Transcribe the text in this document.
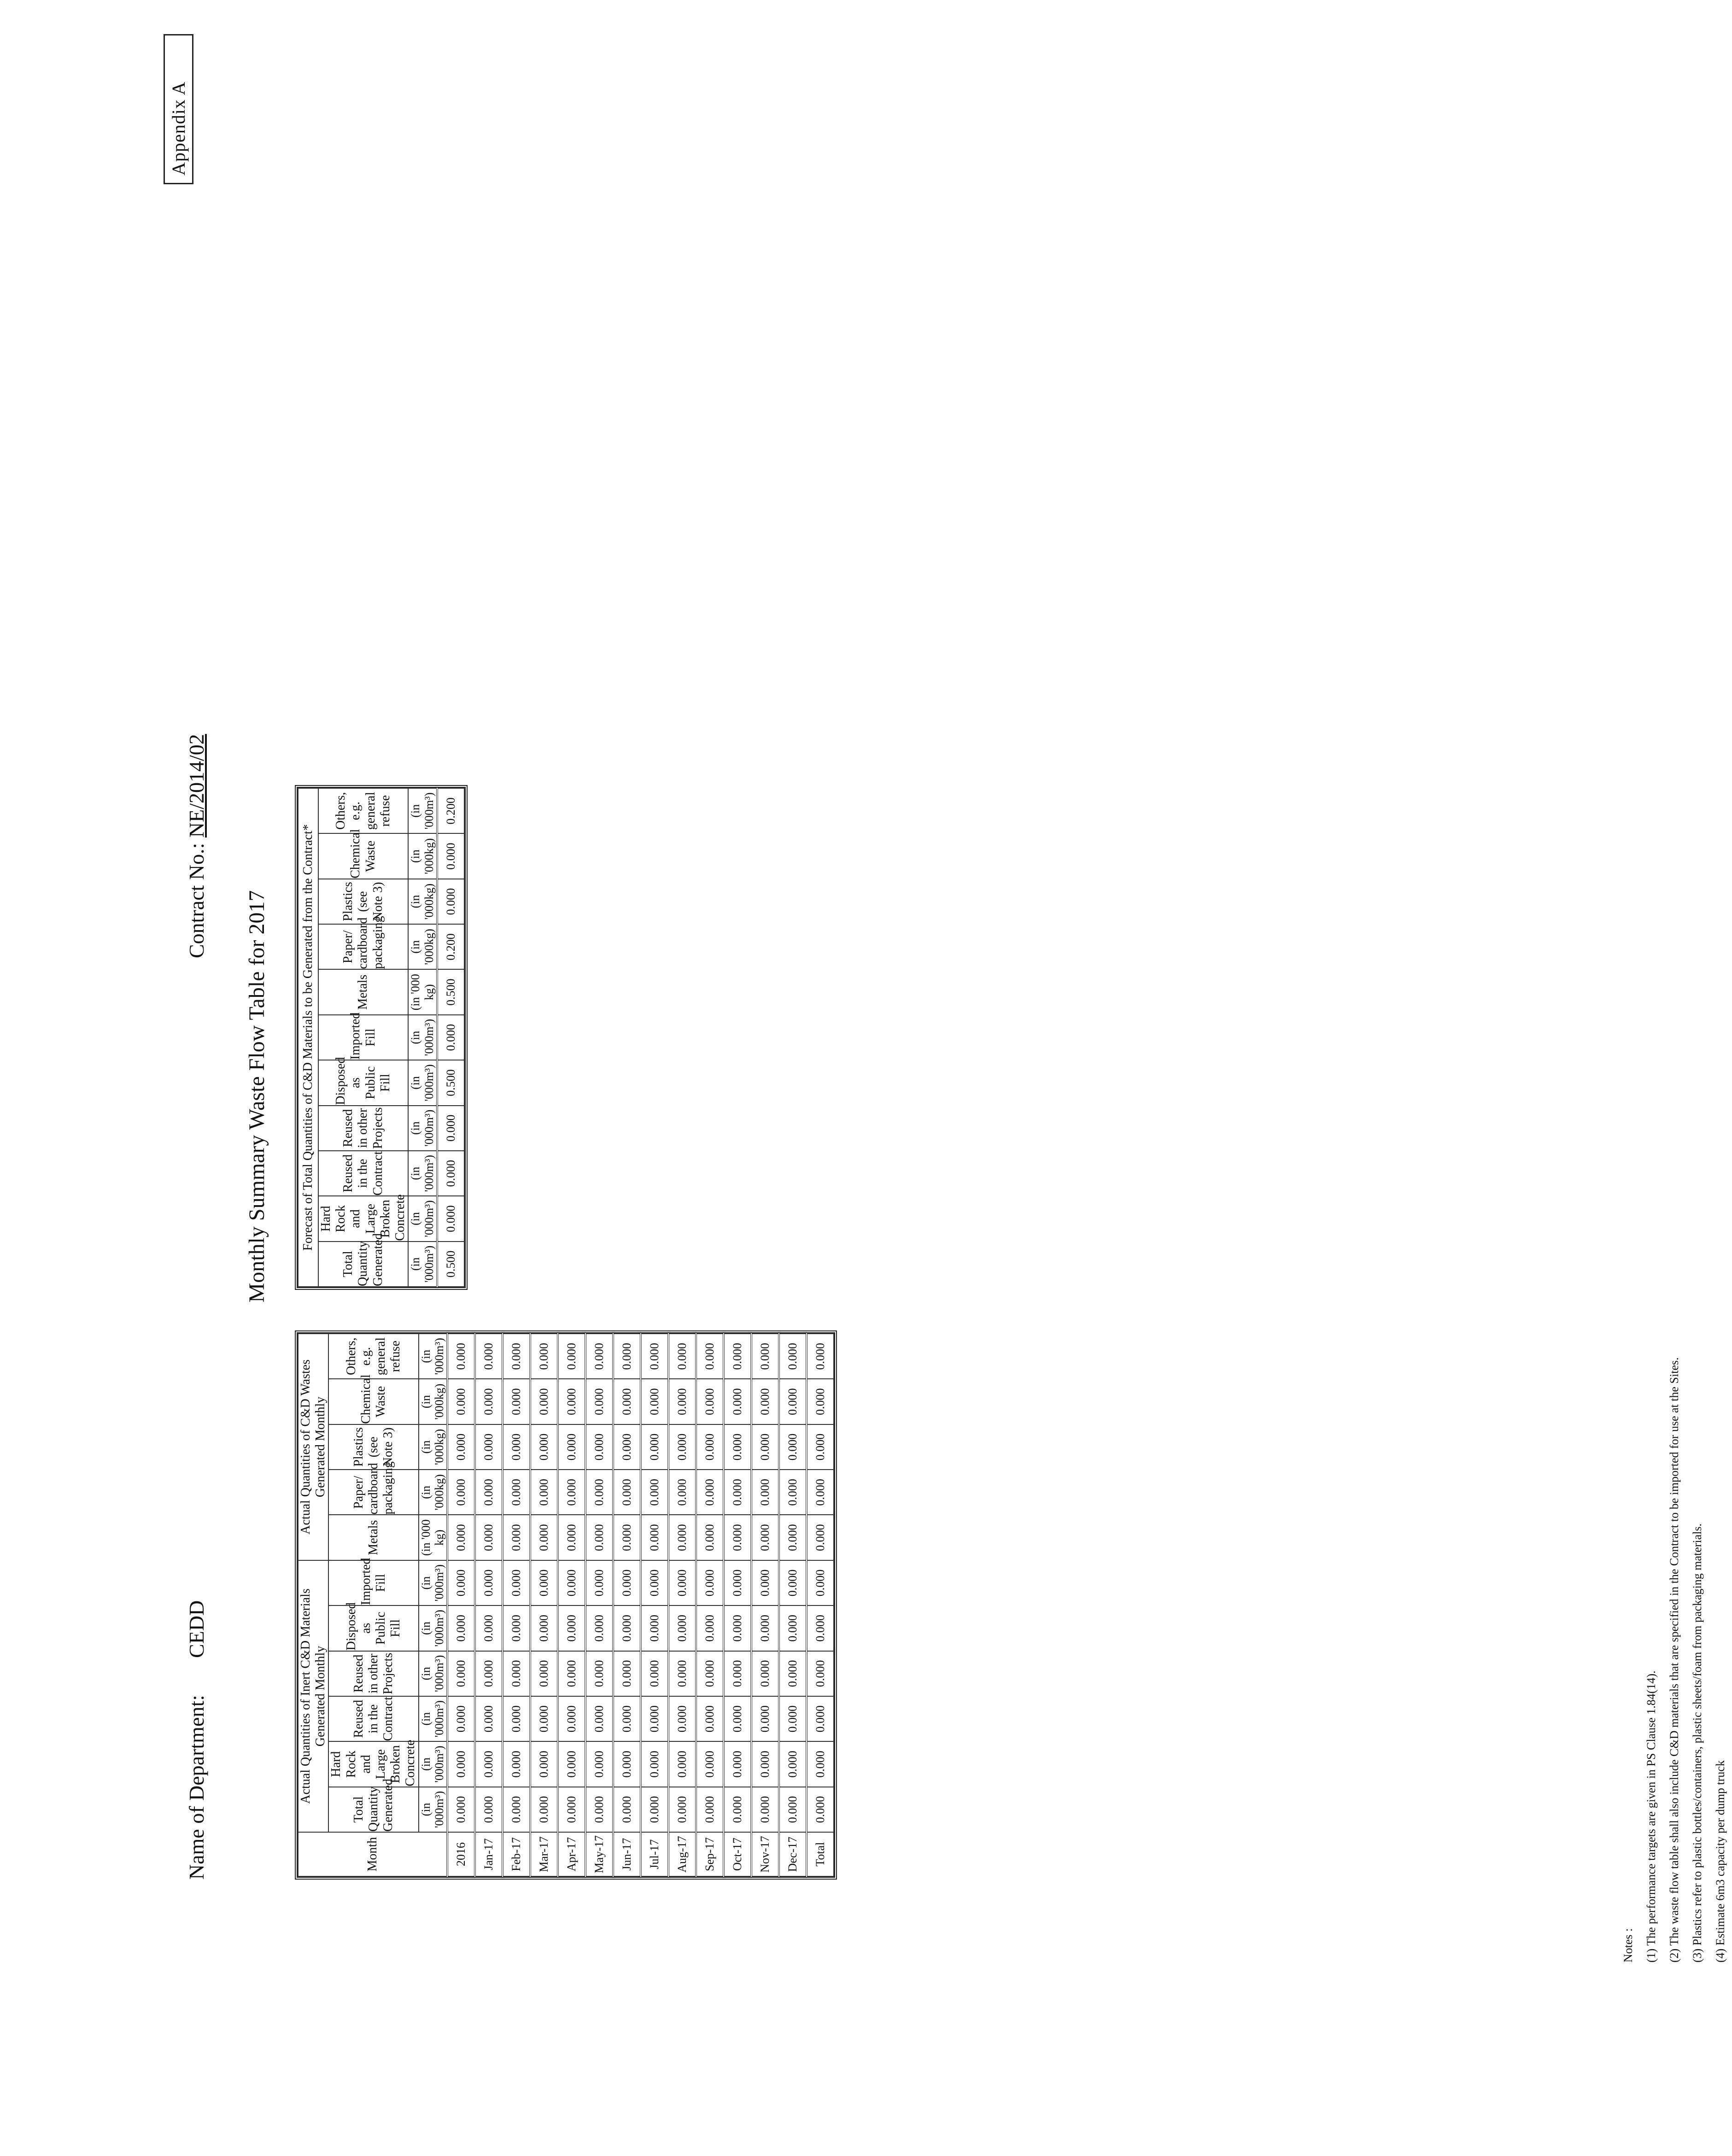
Name of Department:CEDD
Contract No.: NE/2014/02
Appendix A
Monthly Summary Waste Flow Table for 2017
Month	Actual Quantities of Inert C&D Materials Generated Monthly						Actual Quantities of C&D Wastes Generated Monthly				
	Total Quantity Generated	Hard Rock and Large Broken Concrete	Reused in the Contract	Reused in other Projects	Disposed as Public Fill	Imported Fill	Metals	Paper/ cardboard packaging	Plastics (see Note 3)	Chemical Waste	Others, e.g. general refuse
	(in '000m³)	(in '000m³)	(in '000m³)	(in '000m³)	(in '000m³)	(in '000m³)	(in '000 kg)	(in '000kg)	(in '000kg)	(in '000kg)	(in '000m³)
2016	0.000	0.000	0.000	0.000	0.000	0.000	0.000	0.000	0.000	0.000	0.000
Jan-17	0.000	0.000	0.000	0.000	0.000	0.000	0.000	0.000	0.000	0.000	0.000
Feb-17	0.000	0.000	0.000	0.000	0.000	0.000	0.000	0.000	0.000	0.000	0.000
Mar-17	0.000	0.000	0.000	0.000	0.000	0.000	0.000	0.000	0.000	0.000	0.000
Apr-17	0.000	0.000	0.000	0.000	0.000	0.000	0.000	0.000	0.000	0.000	0.000
May-17	0.000	0.000	0.000	0.000	0.000	0.000	0.000	0.000	0.000	0.000	0.000
Jun-17	0.000	0.000	0.000	0.000	0.000	0.000	0.000	0.000	0.000	0.000	0.000
Jul-17	0.000	0.000	0.000	0.000	0.000	0.000	0.000	0.000	0.000	0.000	0.000
Aug-17	0.000	0.000	0.000	0.000	0.000	0.000	0.000	0.000	0.000	0.000	0.000
Sep-17	0.000	0.000	0.000	0.000	0.000	0.000	0.000	0.000	0.000	0.000	0.000
Oct-17	0.000	0.000	0.000	0.000	0.000	0.000	0.000	0.000	0.000	0.000	0.000
Nov-17	0.000	0.000	0.000	0.000	0.000	0.000	0.000	0.000	0.000	0.000	0.000
Dec-17	0.000	0.000	0.000	0.000	0.000	0.000	0.000	0.000	0.000	0.000	0.000
Total	0.000	0.000	0.000	0.000	0.000	0.000	0.000	0.000	0.000	0.000	0.000
Forecast of Total Quantities of C&D Materials to be Generated from the Contract*										
Total Quantity Generated	Hard Rock and Large Broken Concrete	Reused in the Contract	Reused in other Projects	Disposed as Public Fill	Imported Fill	Metals	Paper/ cardboard packaging	Plastics (see Note 3)	Chemical Waste	Others, e.g. general refuse
(in '000m³)	(in '000m³)	(in '000m³)	(in '000m³)	(in '000m³)	(in '000m³)	(in '000 kg)	(in '000kg)	(in '000kg)	(in '000kg)	(in '000m³)
0.500	0.000	0.000	0.000	0.500	0.000	0.500	0.200	0.000	0.000	0.200
Notes : (1) The performance targets are given in PS Clause 1.84(14). (2) The waste flow table shall also include C&D materials that are specified in the Contract to be imported for use at the Sites. (3) Plastics refer to plastic bottles/containers, plastic sheets/foam from packaging materials. (4) Estimate 6m3 capacity per dump truck
